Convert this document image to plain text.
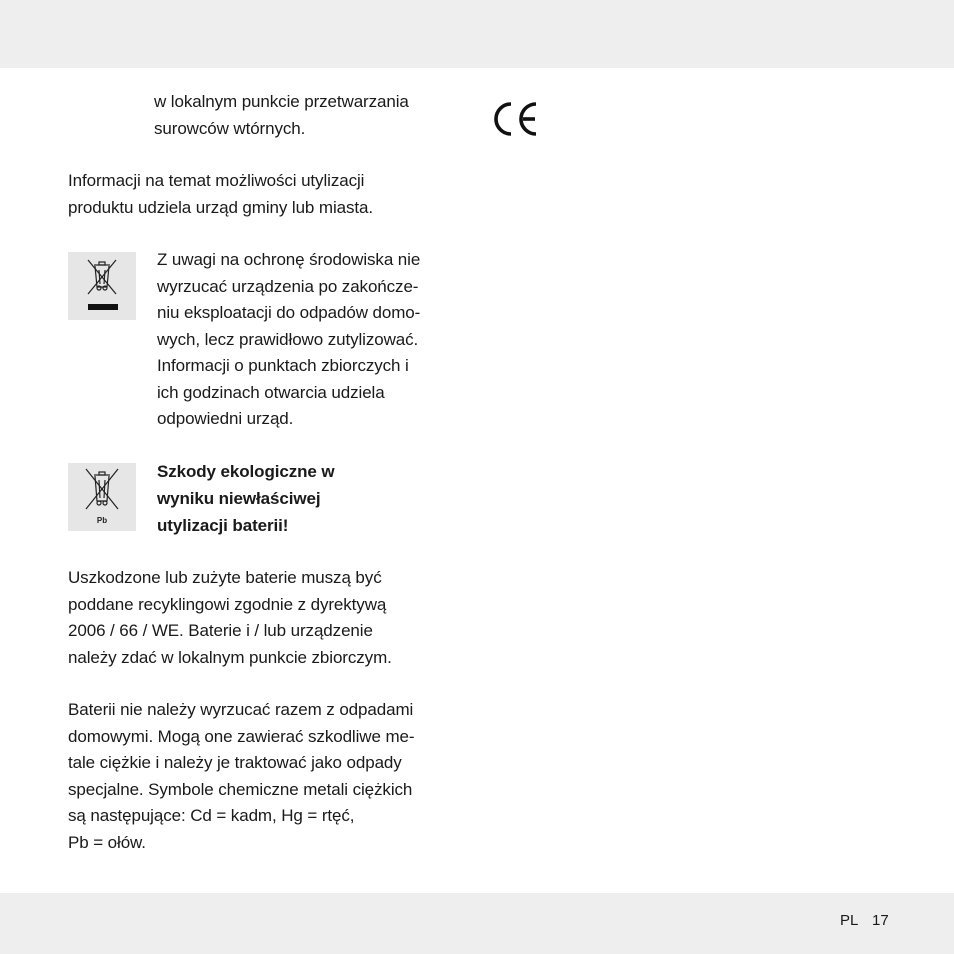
w lokalnym punkcie przetwarzania
surowców wtórnych.

Informacji na temat możliwości utylizacji
produktu udziela urząd gminy lub miasta.

Z uwagi na ochronę środowiska nie
wyrzucać urządzenia po zakończe-
niu eksploatacji do odpadów domo-
wych, lecz prawidłowo zutylizować.
Informacji o punktach zbiorczych i
ich godzinach otwarcia udziela
odpowiedni urząd.

Pb

Szkody ekologiczne w
wyniku niewłaściwej
utylizacji baterii!

Uszkodzone lub zużyte baterie muszą być
poddane recyklingowi zgodnie z dyrektywą
2006 / 66 / WE. Baterie i / lub urządzenie
należy zdać w lokalnym punkcie zbiorczym.

Baterii nie należy wyrzucać razem z odpadami
domowymi. Mogą one zawierać szkodliwe me-
tale ciężkie i należy je traktować jako odpady
specjalne. Symbole chemiczne metali ciężkich
są następujące: Cd = kadm, Hg = rtęć,
Pb = ołów.

PL 17
